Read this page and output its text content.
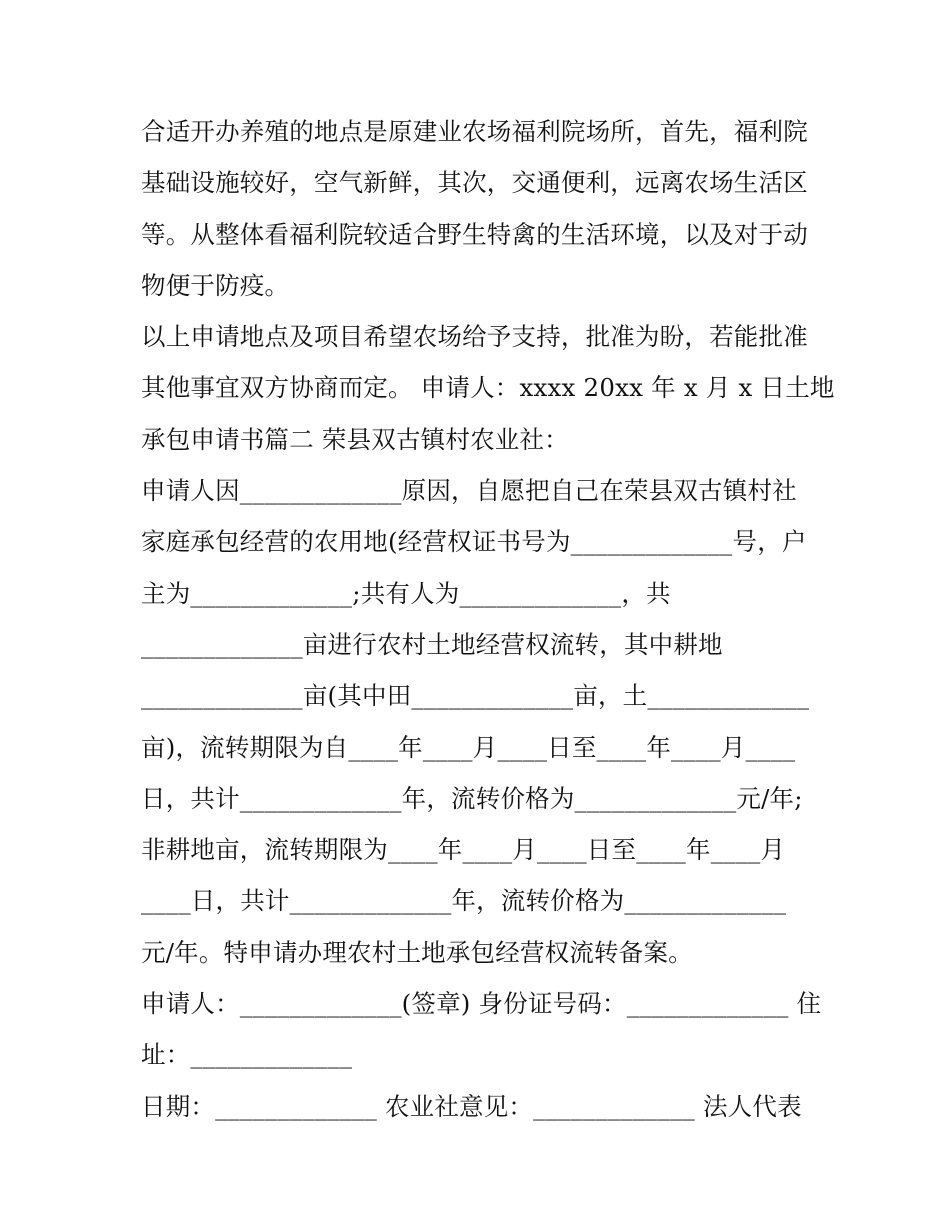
合适开办养殖的地点是原建业农场福利院场所，首先，福利院
基础设施较好，空气新鲜，其次，交通便利，远离农场生活区
等。从整体看福利院较适合野生特禽的生活环境，以及对于动
物便于防疫。
以上申请地点及项目希望农场给予支持，批准为盼，若能批准
其他事宜双方协商而定。 申请人：xxxx 20xx 年 x 月 x 日土地
承包申请书篇二 荣县双古镇村农业社：
申请人因_____________原因，自愿把自己在荣县双古镇村社
家庭承包经营的农用地(经营权证书号为_____________号，户
主为_____________;共有人为_____________，共
_____________亩进行农村土地经营权流转，其中耕地
_____________亩(其中田_____________亩，土_____________
亩)，流转期限为自____年____月____日至____年____月____
日，共计_____________年，流转价格为_____________元/年;
非耕地亩，流转期限为____年____月____日至____年____月
____日，共计_____________年，流转价格为_____________
元/年。特申请办理农村土地承包经营权流转备案。
申请人：_____________(签章) 身份证号码：_____________ 住
址：_____________
日期：_____________ 农业社意见：_____________ 法人代表
